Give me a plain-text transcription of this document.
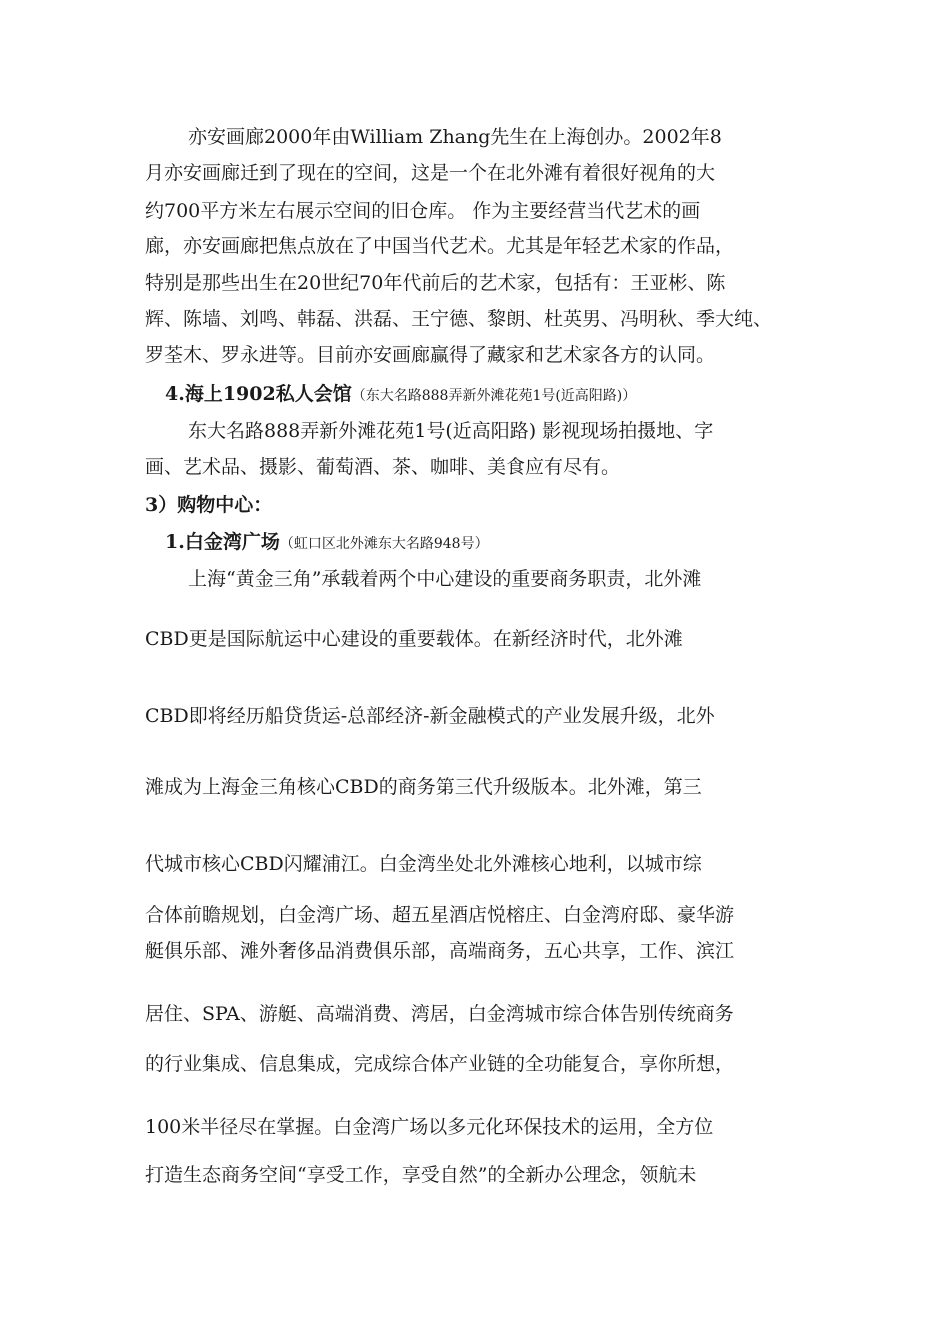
亦安画廊2000年由William Zhang先生在上海创办。2002年8
月亦安画廊迁到了现在的空间，这是一个在北外滩有着很好视角的大
约700平方米左右展示空间的旧仓库。 作为主要经营当代艺术的画
廊，亦安画廊把焦点放在了中国当代艺术。尤其是年轻艺术家的作品，
特别是那些出生在20世纪70年代前后的艺术家，包括有：王亚彬、陈
辉、陈墙、刘鸣、韩磊、洪磊、王宁德、黎朗、杜英男、冯明秋、季大纯、
罗荃木、罗永进等。目前亦安画廊赢得了藏家和艺术家各方的认同。
4.海上1902私人会馆（东大名路888弄新外滩花苑1号(近高阳路)）
东大名路888弄新外滩花苑1号(近高阳路) 影视现场拍摄地、字
画、艺术品、摄影、葡萄酒、茶、咖啡、美食应有尽有。
3）购物中心：
1.白金湾广场（虹口区北外滩东大名路948号）
上海“黄金三角”承载着两个中心建设的重要商务职责，北外滩
CBD更是国际航运中心建设的重要载体。在新经济时代，北外滩
CBD即将经历船贷货运-总部经济-新金融模式的产业发展升级，北外
滩成为上海金三角核心CBD的商务第三代升级版本。北外滩，第三
代城市核心CBD闪耀浦江。白金湾坐处北外滩核心地利，以城市综
合体前瞻规划，白金湾广场、超五星酒店悦榕庄、白金湾府邸、豪华游
艇俱乐部、滩外奢侈品消费俱乐部，高端商务，五心共享，工作、滨江
居住、SPA、游艇、高端消费、湾居，白金湾城市综合体告别传统商务
的行业集成、信息集成，完成综合体产业链的全功能复合，享你所想，
100米半径尽在掌握。白金湾广场以多元化环保技术的运用，全方位
打造生态商务空间“享受工作，享受自然”的全新办公理念，领航未
